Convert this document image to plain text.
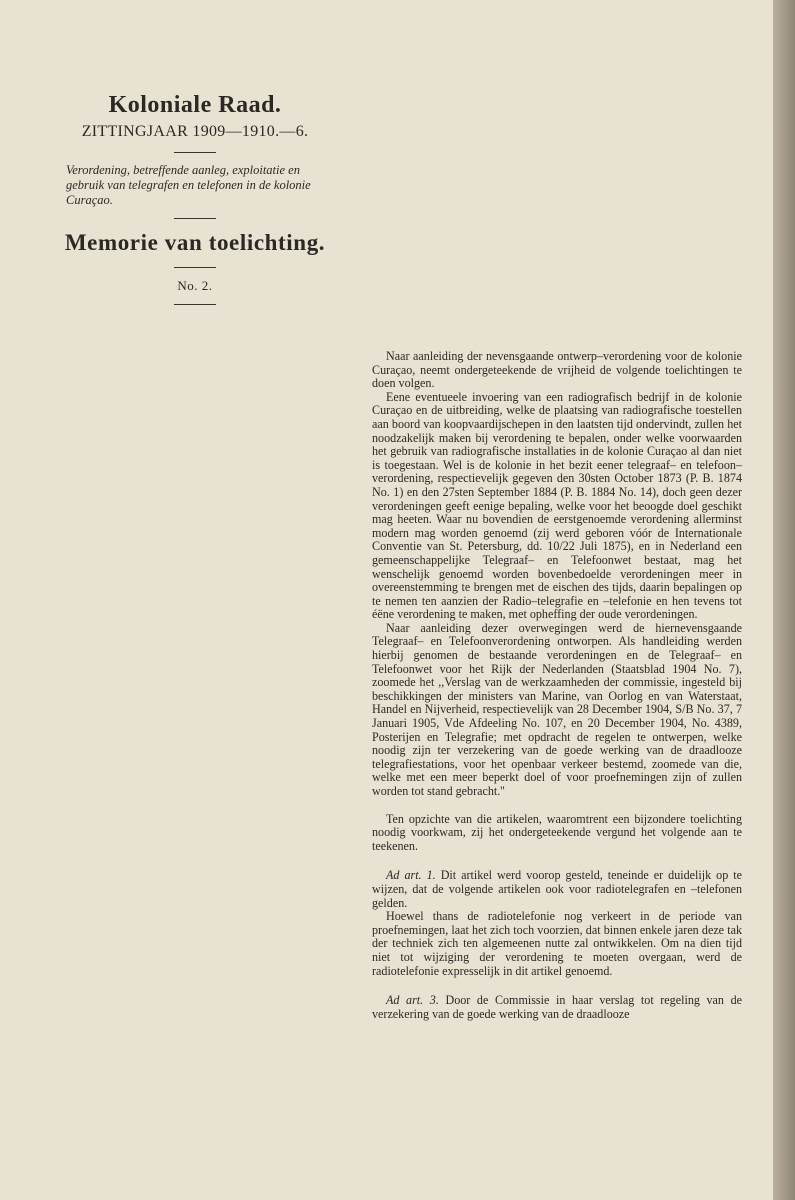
Koloniale Raad.

ZITTINGJAAR 1909—1910.—6.

Verordening, betreffende aanleg, exploitatie en gebruik van telegrafen en telefonen in de kolonie Curaçao.

Memorie van toelichting.

No. 2.

Naar aanleiding der nevensgaande ontwerp–verordening voor de kolonie Curaçao, neemt ondergeteekende de vrijheid de volgende toelichtingen te doen volgen.

Eene eventueele invoering van een radiografisch bedrijf in de kolonie Curaçao en de uitbreiding, welke de plaatsing van radiografische toestellen aan boord van koopvaardijschepen in den laatsten tijd ondervindt, zullen het noodzakelijk maken bij verordening te bepalen, onder welke voorwaarden het gebruik van radiografische installaties in de kolonie Curaçao al dan niet is toegestaan. Wel is de kolonie in het bezit eener telegraaf– en telefoon–verordening, respectievelijk gegeven den 30sten October 1873 (P. B. 1874 No. 1) en den 27sten September 1884 (P. B. 1884 No. 14), doch geen dezer verordeningen geeft eenige bepaling, welke voor het beoogde doel geschikt mag heeten. Waar nu bovendien de eerstgenoemde verordening allerminst modern mag worden genoemd (zij werd geboren vóór de Internationale Conventie van St. Petersburg, dd. 10/22 Juli 1875), en in Nederland een gemeenschappelijke Telegraaf– en Telefoonwet bestaat, mag het wenschelijk genoemd worden bovenbedoelde verordeningen meer in overeenstemming te brengen met de eischen des tijds, daarin bepalingen op te nemen ten aanzien der Radio–telegrafie en –telefonie en hen tevens tot éëne verordening te maken, met opheffing der oude verordeningen.

Naar aanleiding dezer overwegingen werd de hiernevensgaande Telegraaf– en Telefoonverordening ontworpen. Als handleiding werden hierbij genomen de bestaande verordeningen en de Telegraaf– en Telefoonwet voor het Rijk der Nederlanden (Staatsblad 1904 No. 7), zoomede het ,,Verslag van de werkzaamheden der commissie, ingesteld bij beschikkingen der ministers van Marine, van Oorlog en van Waterstaat, Handel en Nijverheid, respectievelijk van 28 December 1904, S/B No. 37, 7 Januari 1905, Vde Afdeeling No. 107, en 20 December 1904, No. 4389, Posterijen en Telegrafie; met opdracht de regelen te ontwerpen, welke noodig zijn ter verzekering van de goede werking van de draadlooze telegrafiestations, voor het openbaar verkeer bestemd, zoomede van die, welke met een meer beperkt doel of voor proefnemingen zijn of zullen worden tot stand gebracht.''

Ten opzichte van die artikelen, waaromtrent een bijzondere toelichting noodig voorkwam, zij het ondergeteekende vergund het volgende aan te teekenen.

Ad art. 1. Dit artikel werd voorop gesteld, teneinde er duidelijk op te wijzen, dat de volgende artikelen ook voor radiotelegrafen en –telefonen gelden.

Hoewel thans de radiotelefonie nog verkeert in de periode van proefnemingen, laat het zich toch voorzien, dat binnen enkele jaren deze tak der techniek zich ten algemeenen nutte zal ontwikkelen. Om na dien tijd niet tot wijziging der verordening te moeten overgaan, werd de radiotelefonie expresselijk in dit artikel genoemd.

Ad art. 3. Door de Commissie in haar verslag tot regeling van de verzekering van de goede werking van de draadlooze
